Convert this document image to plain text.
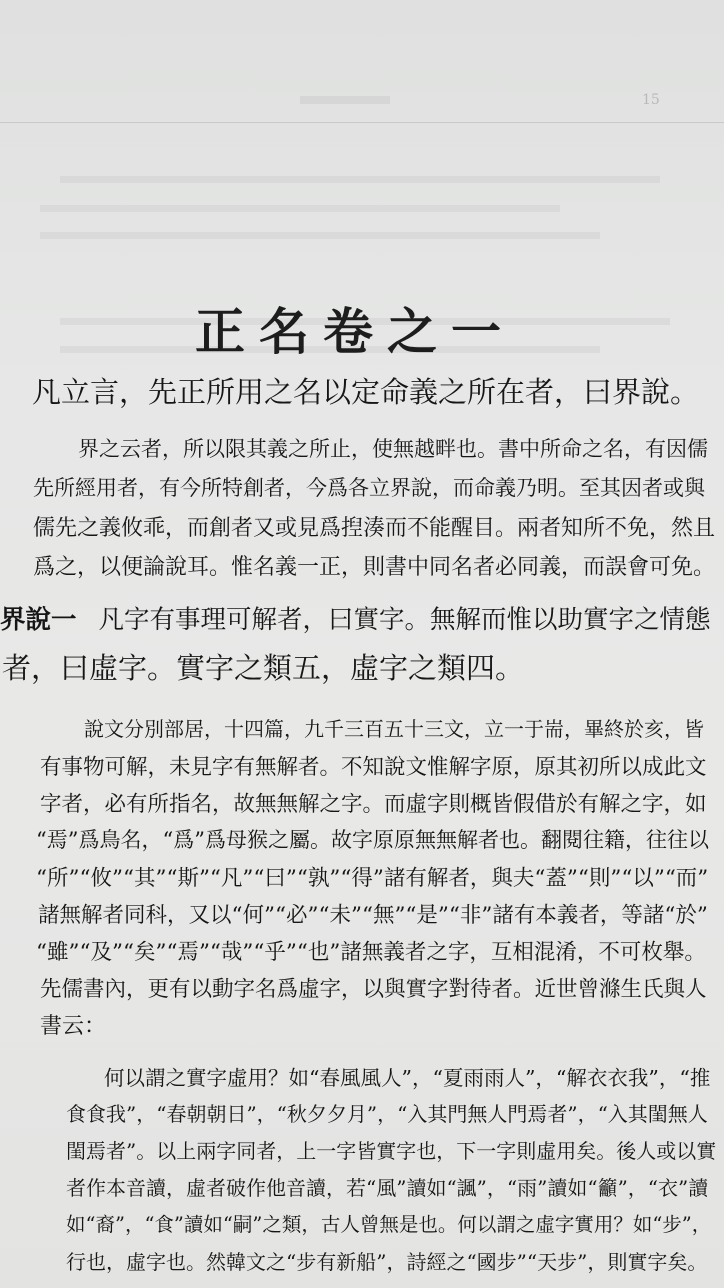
15
正名卷之一

凡立言，先正所用之名以定命義之所在者，曰界說。

界之云者，所以限其義之所止，使無越畔也。書中所命之名，有因儒

先所經用者，有今所特創者，今爲各立界說，而命義乃明。至其因者或與

儒先之義攸乖，而創者又或見爲揑湊而不能醒目。兩者知所不免，然且

爲之，以便論說耳。惟名義一正，則書中同名者必同義，而誤會可免。

界說一 凡字有事理可解者，曰實字。無解而惟以助實字之情態

者，曰虛字。實字之類五，虛字之類四。

說文分別部居，十四篇，九千三百五十三文，立一于耑，畢終於亥，皆

有事物可解，未見字有無解者。不知說文惟解字原，原其初所以成此文

字者，必有所指名，故無無解之字。而虛字則概皆假借於有解之字，如

“焉”爲鳥名，“爲”爲母猴之屬。故字原原無無解者也。翻閱往籍，往往以

“所”“攸”“其”“斯”“凡”“曰”“孰”“得”諸有解者，與夫“蓋”“則”“以”“而”

諸無解者同科，又以“何”“必”“未”“無”“是”“非”諸有本義者，等諸“於”

“雖”“及”“矣”“焉”“哉”“乎”“也”諸無義者之字，互相混淆，不可枚舉。

先儒書內，更有以動字名爲虛字，以與實字對待者。近世曾滌生氏與人

書云：

何以謂之實字虛用？如“春風風人”，“夏雨雨人”，“解衣衣我”，“推

食食我”，“春朝朝日”，“秋夕夕月”，“入其門無人門焉者”，“入其閨無人

閨焉者”。以上兩字同者，上一字皆實字也，下一字則虛用矣。後人或以實

者作本音讀，虛者破作他音讀，若“風”讀如“諷”，“雨”讀如“籲”，“衣”讀

如“裔”，“食”讀如“嗣”之類，古人曾無是也。何以謂之虛字實用？如“步”，

行也，虛字也。然韓文之“步有新船”，詩經之“國步”“天步”，則實字矣。
